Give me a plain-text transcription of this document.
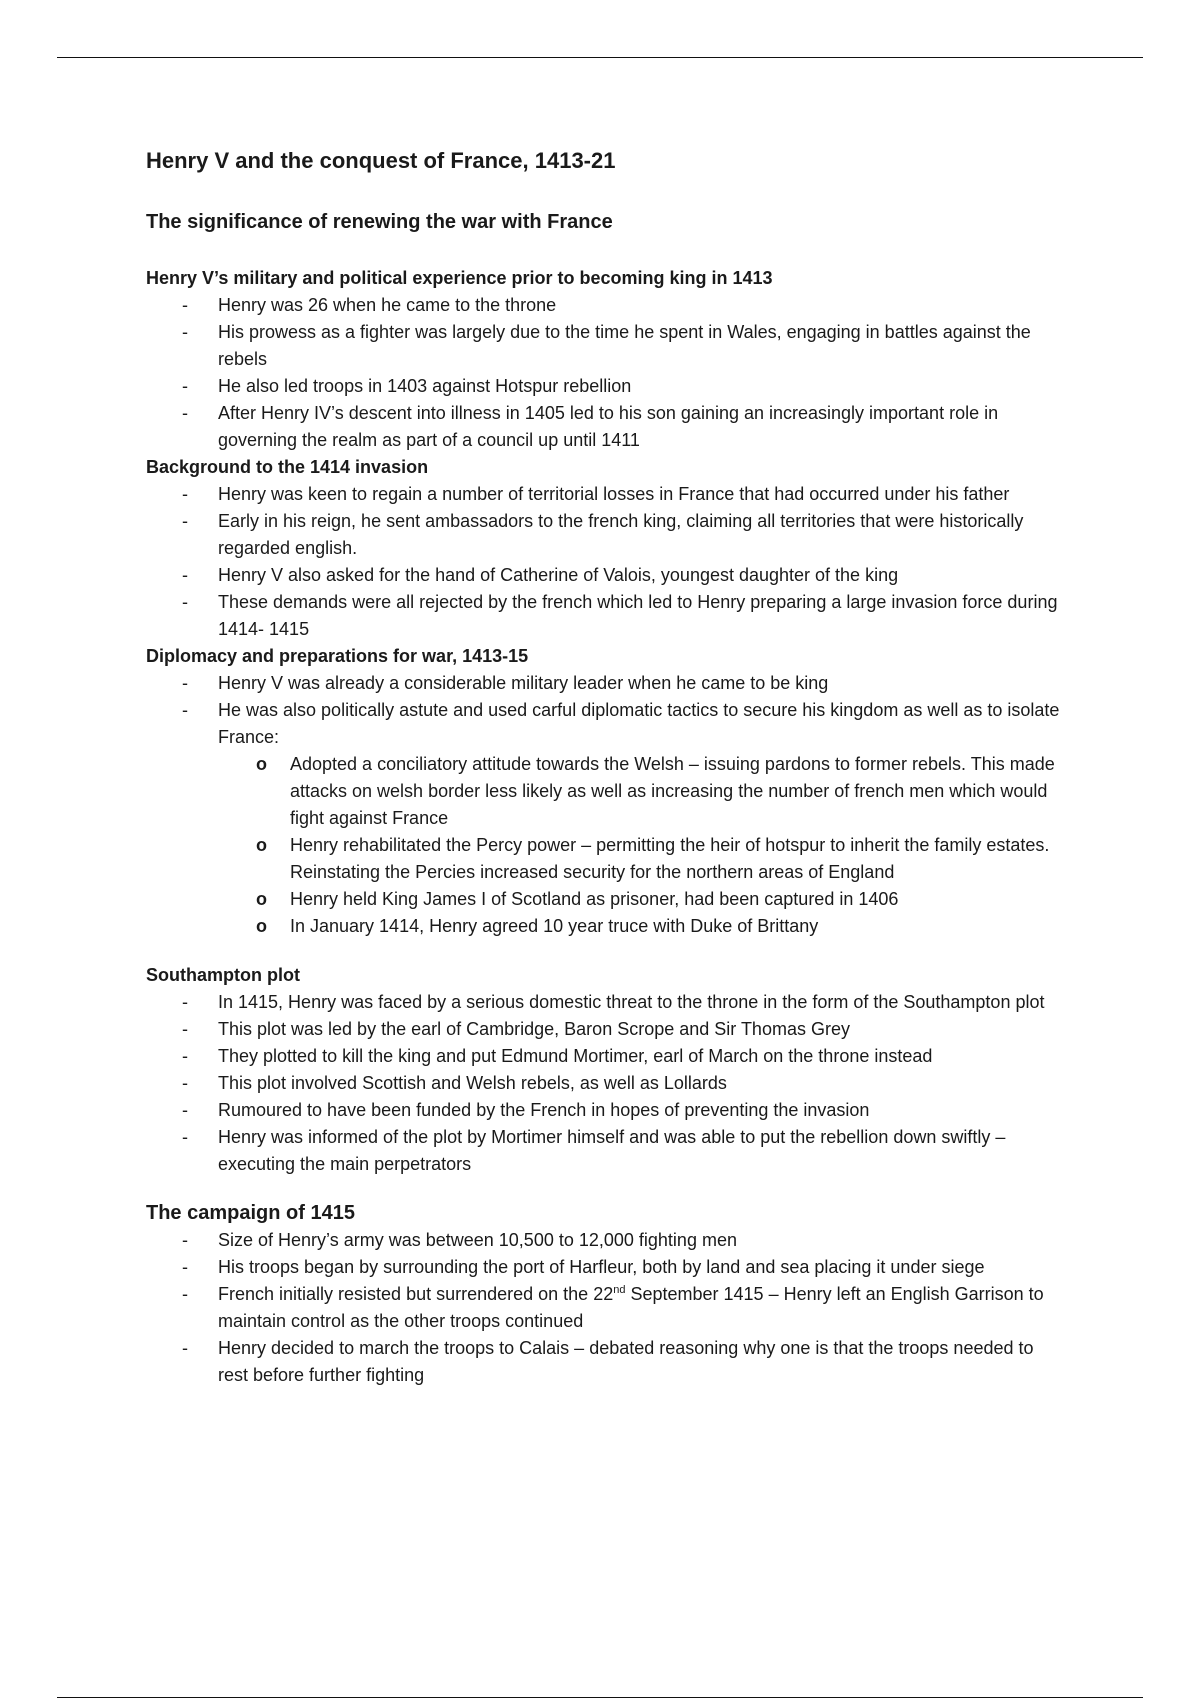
Henry V and the conquest of France, 1413-21
The significance of renewing the war with France
Henry V’s military and political experience prior to becoming king in 1413
-	Henry was 26 when he came to the throne
-	His prowess as a fighter was largely due to the time he spent in Wales, engaging in battles against the rebels
-	He also led troops in 1403 against Hotspur rebellion
-	After Henry IV’s descent into illness in 1405 led to his son gaining an increasingly important role in governing the realm as part of a council up until 1411
Background to the 1414 invasion
-	Henry was keen to regain a number of territorial losses in France that had occurred under his father
-	Early in his reign, he sent ambassadors to the french king, claiming all territories that were historically regarded english.
-	Henry V also asked for the hand of Catherine of Valois, youngest daughter of the king
-	These demands were all rejected by the french which led to Henry preparing a large invasion force during 1414- 1415
Diplomacy and preparations for war, 1413-15
-	Henry V was already a considerable military leader when he came to be king
-	He was also politically astute and used carful diplomatic tactics to secure his kingdom as well as to isolate France:
o Adopted a conciliatory attitude towards the Welsh – issuing pardons to former rebels. This made attacks on welsh border less likely as well as increasing the number of french men which would fight against France
o Henry rehabilitated the Percy power – permitting the heir of hotspur to inherit the family estates. Reinstating the Percies increased security for the northern areas of England
o Henry held King James I of Scotland as prisoner, had been captured in 1406
o In January 1414, Henry agreed 10 year truce with Duke of Brittany
Southampton plot
-	In 1415, Henry was faced by a serious domestic threat to the throne in the form of the Southampton plot
-	This plot was led by the earl of Cambridge, Baron Scrope and Sir Thomas Grey
-	They plotted to kill the king and put Edmund Mortimer, earl of March on the throne instead
-	This plot involved Scottish and Welsh rebels, as well as Lollards
-	Rumoured to have been funded by the French in hopes of preventing the invasion
-	Henry was informed of the plot by Mortimer himself and was able to put the rebellion down swiftly – executing the main perpetrators
The campaign of 1415
-	Size of Henry’s army was between 10,500 to 12,000 fighting men
-	His troops began by surrounding the port of Harfleur, both by land and sea placing it under siege
-	French initially resisted but surrendered on the 22nd September 1415 – Henry left an English Garrison to maintain control as the other troops continued
-	Henry decided to march the troops to Calais – debated reasoning why one is that the troops needed to rest before further fighting
